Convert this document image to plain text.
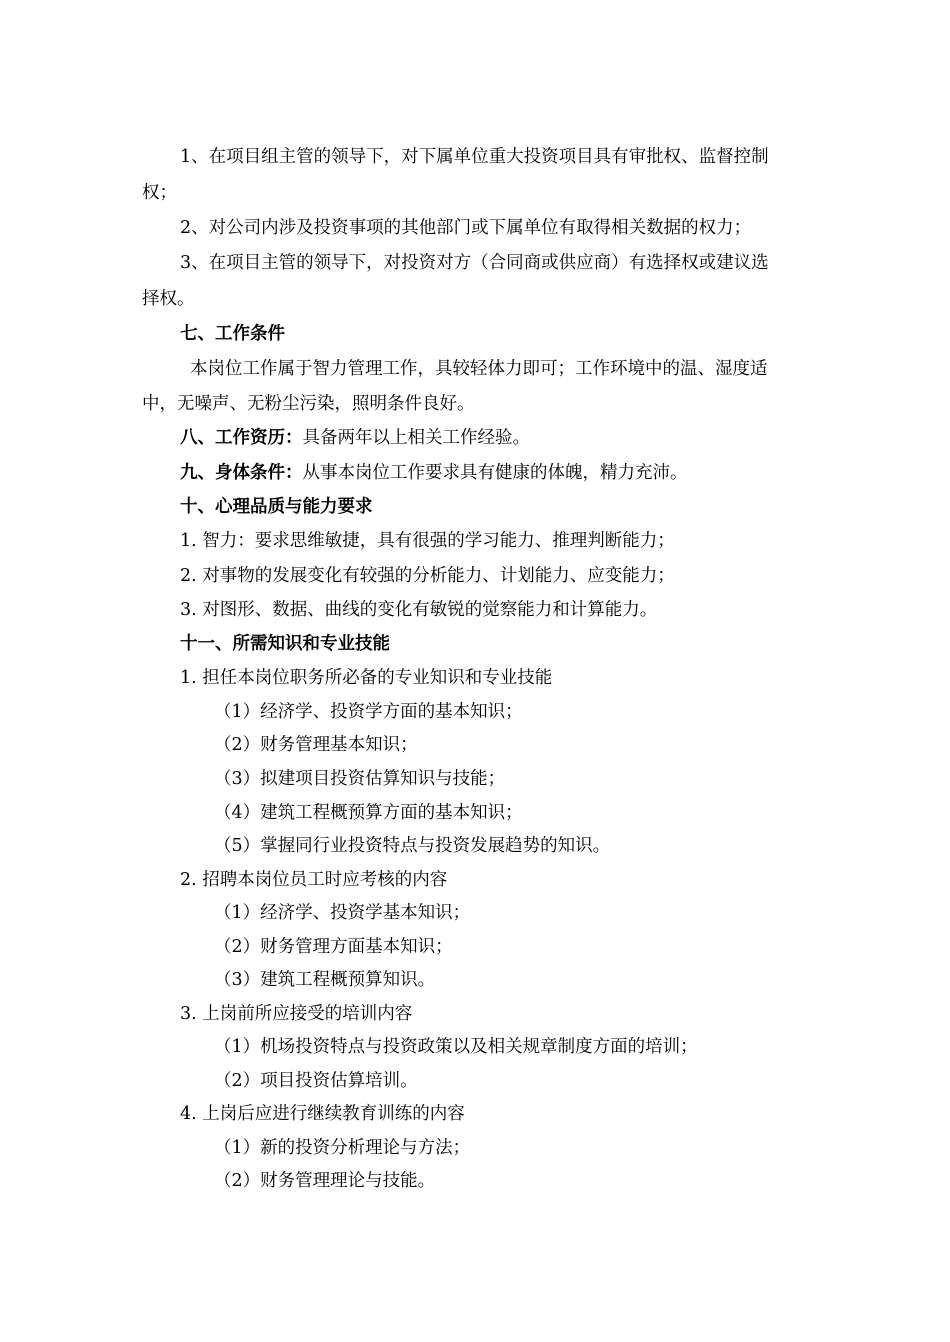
1、在项目组主管的领导下，对下属单位重大投资项目具有审批权、监督控制
权；
2、对公司内涉及投资事项的其他部门或下属单位有取得相关数据的权力；
3、在项目主管的领导下，对投资对方（合同商或供应商）有选择权或建议选
择权。
七、工作条件
本岗位工作属于智力管理工作，具较轻体力即可；工作环境中的温、湿度适
中，无噪声、无粉尘污染，照明条件良好。
八、工作资历：具备两年以上相关工作经验。
九、身体条件：从事本岗位工作要求具有健康的体魄，精力充沛。
十、心理品质与能力要求
1. 智力：要求思维敏捷，具有很强的学习能力、推理判断能力；
2. 对事物的发展变化有较强的分析能力、计划能力、应变能力；
3. 对图形、数据、曲线的变化有敏锐的觉察能力和计算能力。
十一、所需知识和专业技能
1. 担任本岗位职务所必备的专业知识和专业技能
（1）经济学、投资学方面的基本知识；
（2）财务管理基本知识；
（3）拟建项目投资估算知识与技能；
（4）建筑工程概预算方面的基本知识；
（5）掌握同行业投资特点与投资发展趋势的知识。
2. 招聘本岗位员工时应考核的内容
（1）经济学、投资学基本知识；
（2）财务管理方面基本知识；
（3）建筑工程概预算知识。
3. 上岗前所应接受的培训内容
（1）机场投资特点与投资政策以及相关规章制度方面的培训；
（2）项目投资估算培训。
4. 上岗后应进行继续教育训练的内容
（1）新的投资分析理论与方法；
（2）财务管理理论与技能。
